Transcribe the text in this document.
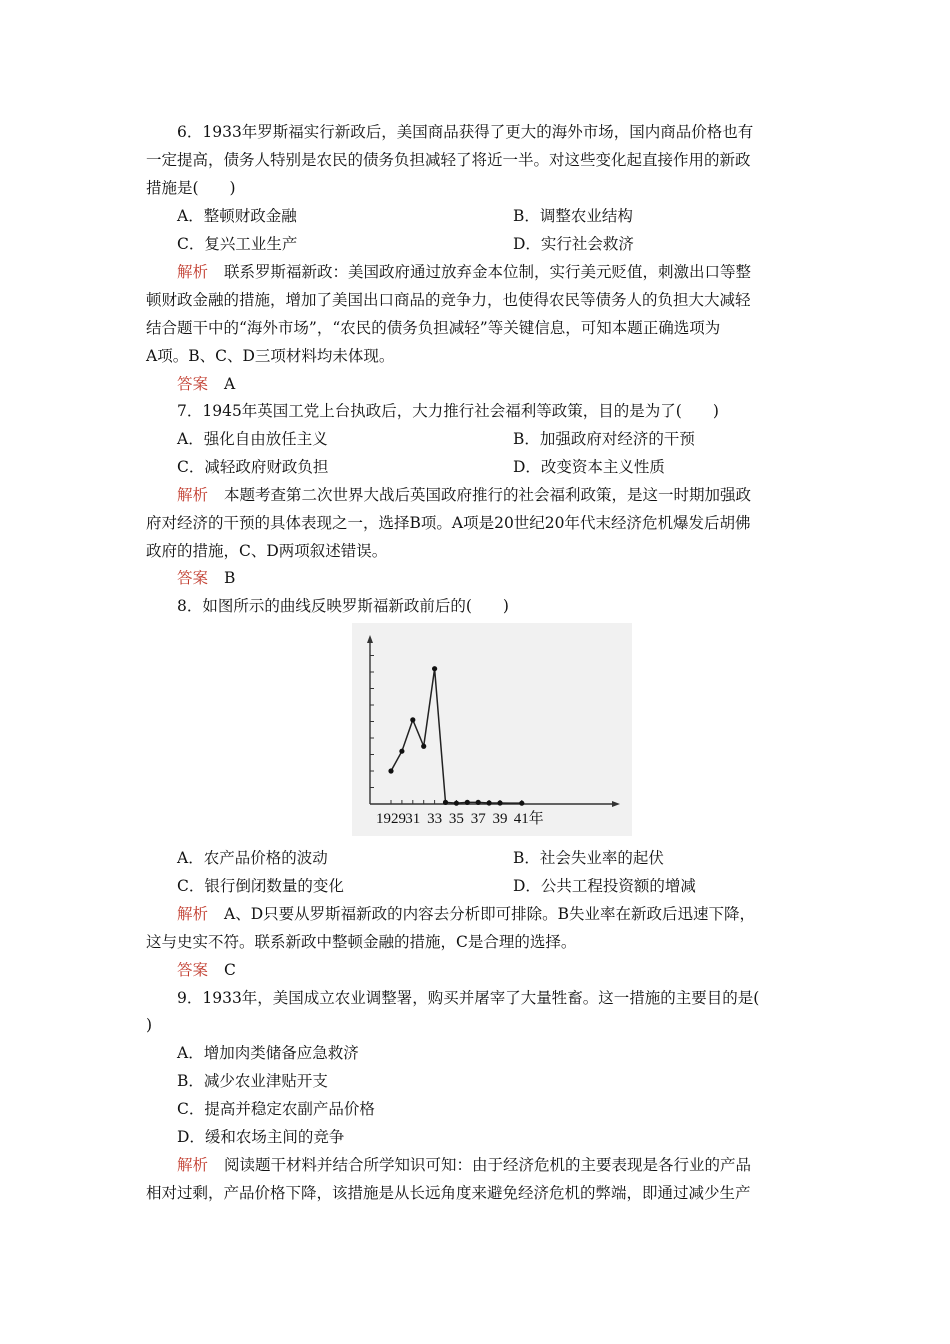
6．1933年罗斯福实行新政后，美国商品获得了更大的海外市场，国内商品价格也有
一定提高，债务人特别是农民的债务负担减轻了将近一半。对这些变化起直接作用的新政
措施是(　　)
A．整顿财政金融	B．调整农业结构
C．复兴工业生产	D．实行社会救济
解析 联系罗斯福新政：美国政府通过放弃金本位制，实行美元贬值，刺激出口等整
顿财政金融的措施，增加了美国出口商品的竞争力，也使得农民等债务人的负担大大减轻
结合题干中的“海外市场”，“农民的债务负担减轻”等关键信息，可知本题正确选项为
A项。B、C、D三项材料均未体现。
答案 A
7．1945年英国工党上台执政后，大力推行社会福利等政策，目的是为了(　　)
A．强化自由放任主义	B．加强政府对经济的干预
C．减轻政府财政负担	D．改变资本主义性质
解析 本题考查第二次世界大战后英国政府推行的社会福利政策，是这一时期加强政
府对经济的干预的具体表现之一，选择B项。A项是20世纪20年代末经济危机爆发后胡佛
政府的措施，C、D两项叙述错误。
答案 B
8．如图所示的曲线反映罗斯福新政前后的(　　)
1929 31 33 35 37 39 41年
A．农产品价格的波动	B．社会失业率的起伏
C．银行倒闭数量的变化	D．公共工程投资额的增减
解析 A、D只要从罗斯福新政的内容去分析即可排除。B失业率在新政后迅速下降，
这与史实不符。联系新政中整顿金融的措施，C是合理的选择。
答案 C
9．1933年，美国成立农业调整署，购买并屠宰了大量牲畜。这一措施的主要目的是(
)
A．增加肉类储备应急救济
B．减少农业津贴开支
C．提高并稳定农副产品价格
D．缓和农场主间的竞争
解析 阅读题干材料并结合所学知识可知：由于经济危机的主要表现是各行业的产品
相对过剩，产品价格下降，该措施是从长远角度来避免经济危机的弊端，即通过减少生产
